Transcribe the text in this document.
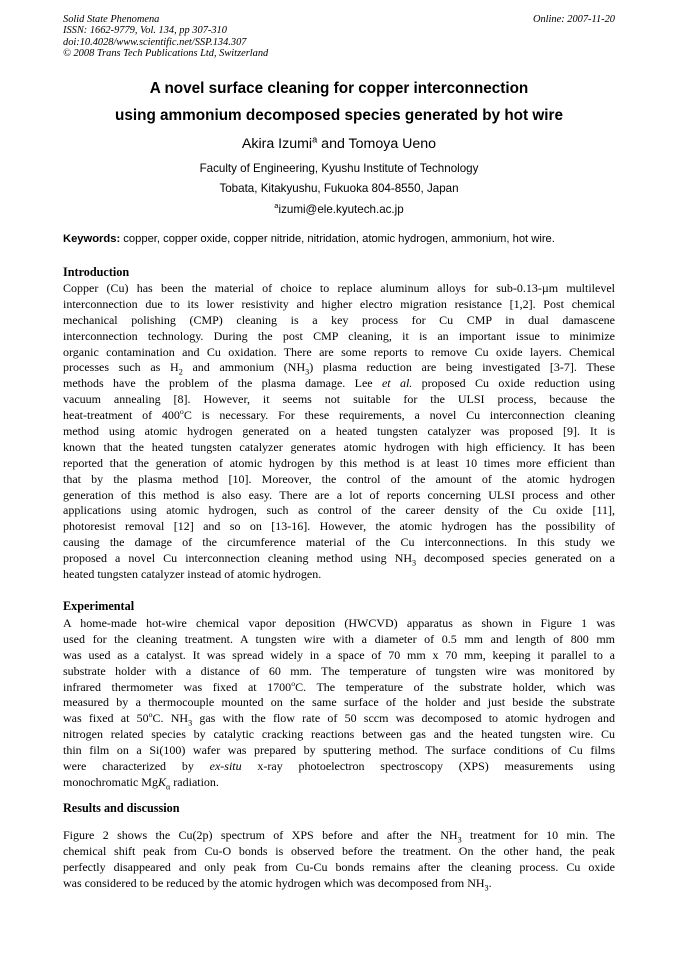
Solid State Phenomena
ISSN: 1662-9779, Vol. 134, pp 307-310
doi:10.4028/www.scientific.net/SSP.134.307
© 2008 Trans Tech Publications Ltd, Switzerland
Online: 2007-11-20
A novel surface cleaning for copper interconnection
using ammonium decomposed species generated by hot wire
Akira Izumi$^a$ and Tomoya Ueno
Faculty of Engineering, Kyushu Institute of Technology
Tobata, Kitakyushu, Fukuoka 804-8550, Japan
$^a$izumi@ele.kyutech.ac.jp
Keywords: copper, copper oxide, copper nitride, nitridation, atomic hydrogen, ammonium, hot wire.
Introduction
Copper (Cu) has been the material of choice to replace aluminum alloys for sub-0.13-µm multilevel
interconnection due to its lower resistivity and higher electro migration resistance [1,2]. Post chemical
mechanical polishing (CMP) cleaning is a key process for Cu CMP in dual damascene
interconnection technology. During the post CMP cleaning, it is an important issue to minimize
organic contamination and Cu oxidation. There are some reports to remove Cu oxide layers. Chemical
processes such as $H_2$ and ammonium $(NH_3)$ plasma reduction are being investigated [3-7]. These
methods have the problem of the plasma damage. Lee et al. proposed Cu oxide reduction using
vacuum annealing [8]. However, it seems not suitable for the ULSI process, because the
heat-treatment of 400$^o$C is necessary. For these requirements, a novel Cu interconnection cleaning
method using atomic hydrogen generated on a heated tungsten catalyzer was proposed [9]. It is
known that the heated tungsten catalyzer generates atomic hydrogen with high efficiency. It has been
reported that the generation of atomic hydrogen by this method is at least 10 times more efficient than
that by the plasma method [10]. Moreover, the control of the amount of the atomic hydrogen
generation of this method is also easy. There are a lot of reports concerning ULSI process and other
applications using atomic hydrogen, such as control of the career density of the Cu oxide [11],
photoresist removal [12] and so on [13-16]. However, the atomic hydrogen has the possibility of
causing the damage of the circumference material of the Cu interconnections. In this study we
proposed a novel Cu interconnection cleaning method using $NH_3$ decomposed species generated on a
heated tungsten catalyzer instead of atomic hydrogen.
Experimental
A home-made hot-wire chemical vapor deposition (HWCVD) apparatus as shown in Figure 1 was
used for the cleaning treatment. A tungsten wire with a diameter of 0.5 mm and length of 800 mm
was used as a catalyst. It was spread widely in a space of 70 mm x 70 mm, keeping it parallel to a
substrate holder with a distance of 60 mm. The temperature of tungsten wire was monitored by
infrared thermometer was fixed at 1700$^o$C. The temperature of the substrate holder, which was
measured by a thermocouple mounted on the same surface of the holder and just beside the substrate
was fixed at 50$^o$C. $NH_3$ gas with the flow rate of 50 sccm was decomposed to atomic hydrogen and
nitrogen related species by catalytic cracking reactions between gas and the heated tungsten wire. Cu
thin film on a Si(100) wafer was prepared by sputtering method. The surface conditions of Cu films
were characterized by ex-situ x-ray photoelectron spectroscopy (XPS) measurements using
monochromatic MgK$_\alpha$ radiation.
Results and discussion
Figure 2 shows the Cu(2p) spectrum of XPS before and after the $NH_3$ treatment for 10 min. The
chemical shift peak from Cu-O bonds is observed before the treatment. On the other hand, the peak
perfectly disappeared and only peak from Cu-Cu bonds remains after the cleaning process. Cu oxide
was considered to be reduced by the atomic hydrogen which was decomposed from $NH_3$.
